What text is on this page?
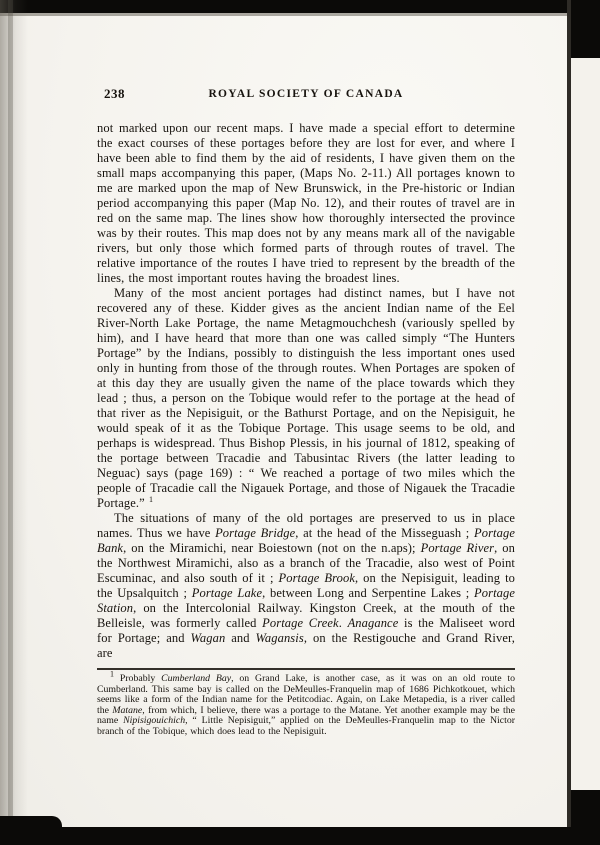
238	ROYAL SOCIETY OF CANADA

not marked upon our recent maps. I have made a special effort to determine the exact courses of these portages before they are lost for ever, and where I have been able to find them by the aid of residents, I have given them on the small maps accompanying this paper, (Maps No. 2-11.) All portages known to me are marked upon the map of New Brunswick, in the Pre-historic or Indian period accompanying this paper (Map No. 12), and their routes of travel are in red on the same map. The lines show how thoroughly intersected the province was by their routes. This map does not by any means mark all of the navigable rivers, but only those which formed parts of through routes of travel. The relative importance of the routes I have tried to represent by the breadth of the lines, the most important routes having the broadest lines.

Many of the most ancient portages had distinct names, but I have not recovered any of these. Kidder gives as the ancient Indian name of the Eel River-North Lake Portage, the name Metagmouchchesh (variously spelled by him), and I have heard that more than one was called simply “The Hunters Portage” by the Indians, possibly to distinguish the less important ones used only in hunting from those of the through routes. When Portages are spoken of at this day they are usually given the name of the place towards which they lead ; thus, a person on the Tobique would refer to the portage at the head of that river as the Nepisiguit, or the Bathurst Portage, and on the Nepisiguit, he would speak of it as the Tobique Portage. This usage seems to be old, and perhaps is widespread. Thus Bishop Plessis, in his journal of 1812, speaking of the portage between Tracadie and Tabusintac Rivers (the latter leading to Neguac) says (page 169) : “ We reached a portage of two miles which the people of Tracadie call the Nigauek Portage, and those of Nigauek the Tracadie Portage.” $^1$

The situations of many of the old portages are preserved to us in place names. Thus we have Portage Bridge, at the head of the Misseguash ; Portage Bank, on the Miramichi, near Boiestown (not on the n.aps); Portage River, on the Northwest Miramichi, also as a branch of the Tracadie, also west of Point Escuminac, and also south of it ; Portage Brook, on the Nepisiguit, leading to the Upsalquitch ; Portage Lake, between Long and Serpentine Lakes ; Portage Station, on the Intercolonial Railway. Kingston Creek, at the mouth of the Belleisle, was formerly called Portage Creek. Anagance is the Maliseet word for Portage; and Wagan and Wagansis, on the Restigouche and Grand River, are

$^1$ Probably Cumberland Bay, on Grand Lake, is another case, as it was on an old route to Cumberland. This same bay is called on the DeMeulles-Franquelin map of 1686 Pichkotkouet, which seems like a form of the Indian name for the Petitcodiac. Again, on Lake Metapedia, is a river called the Matane, from which, I believe, there was a portage to the Matane. Yet another example may be the name Nipisigouichich, “ Little Nepisiguit,” applied on the DeMeulles-Franquelin map to the Nictor branch of the Tobique, which does lead to the Nepisiguit.
